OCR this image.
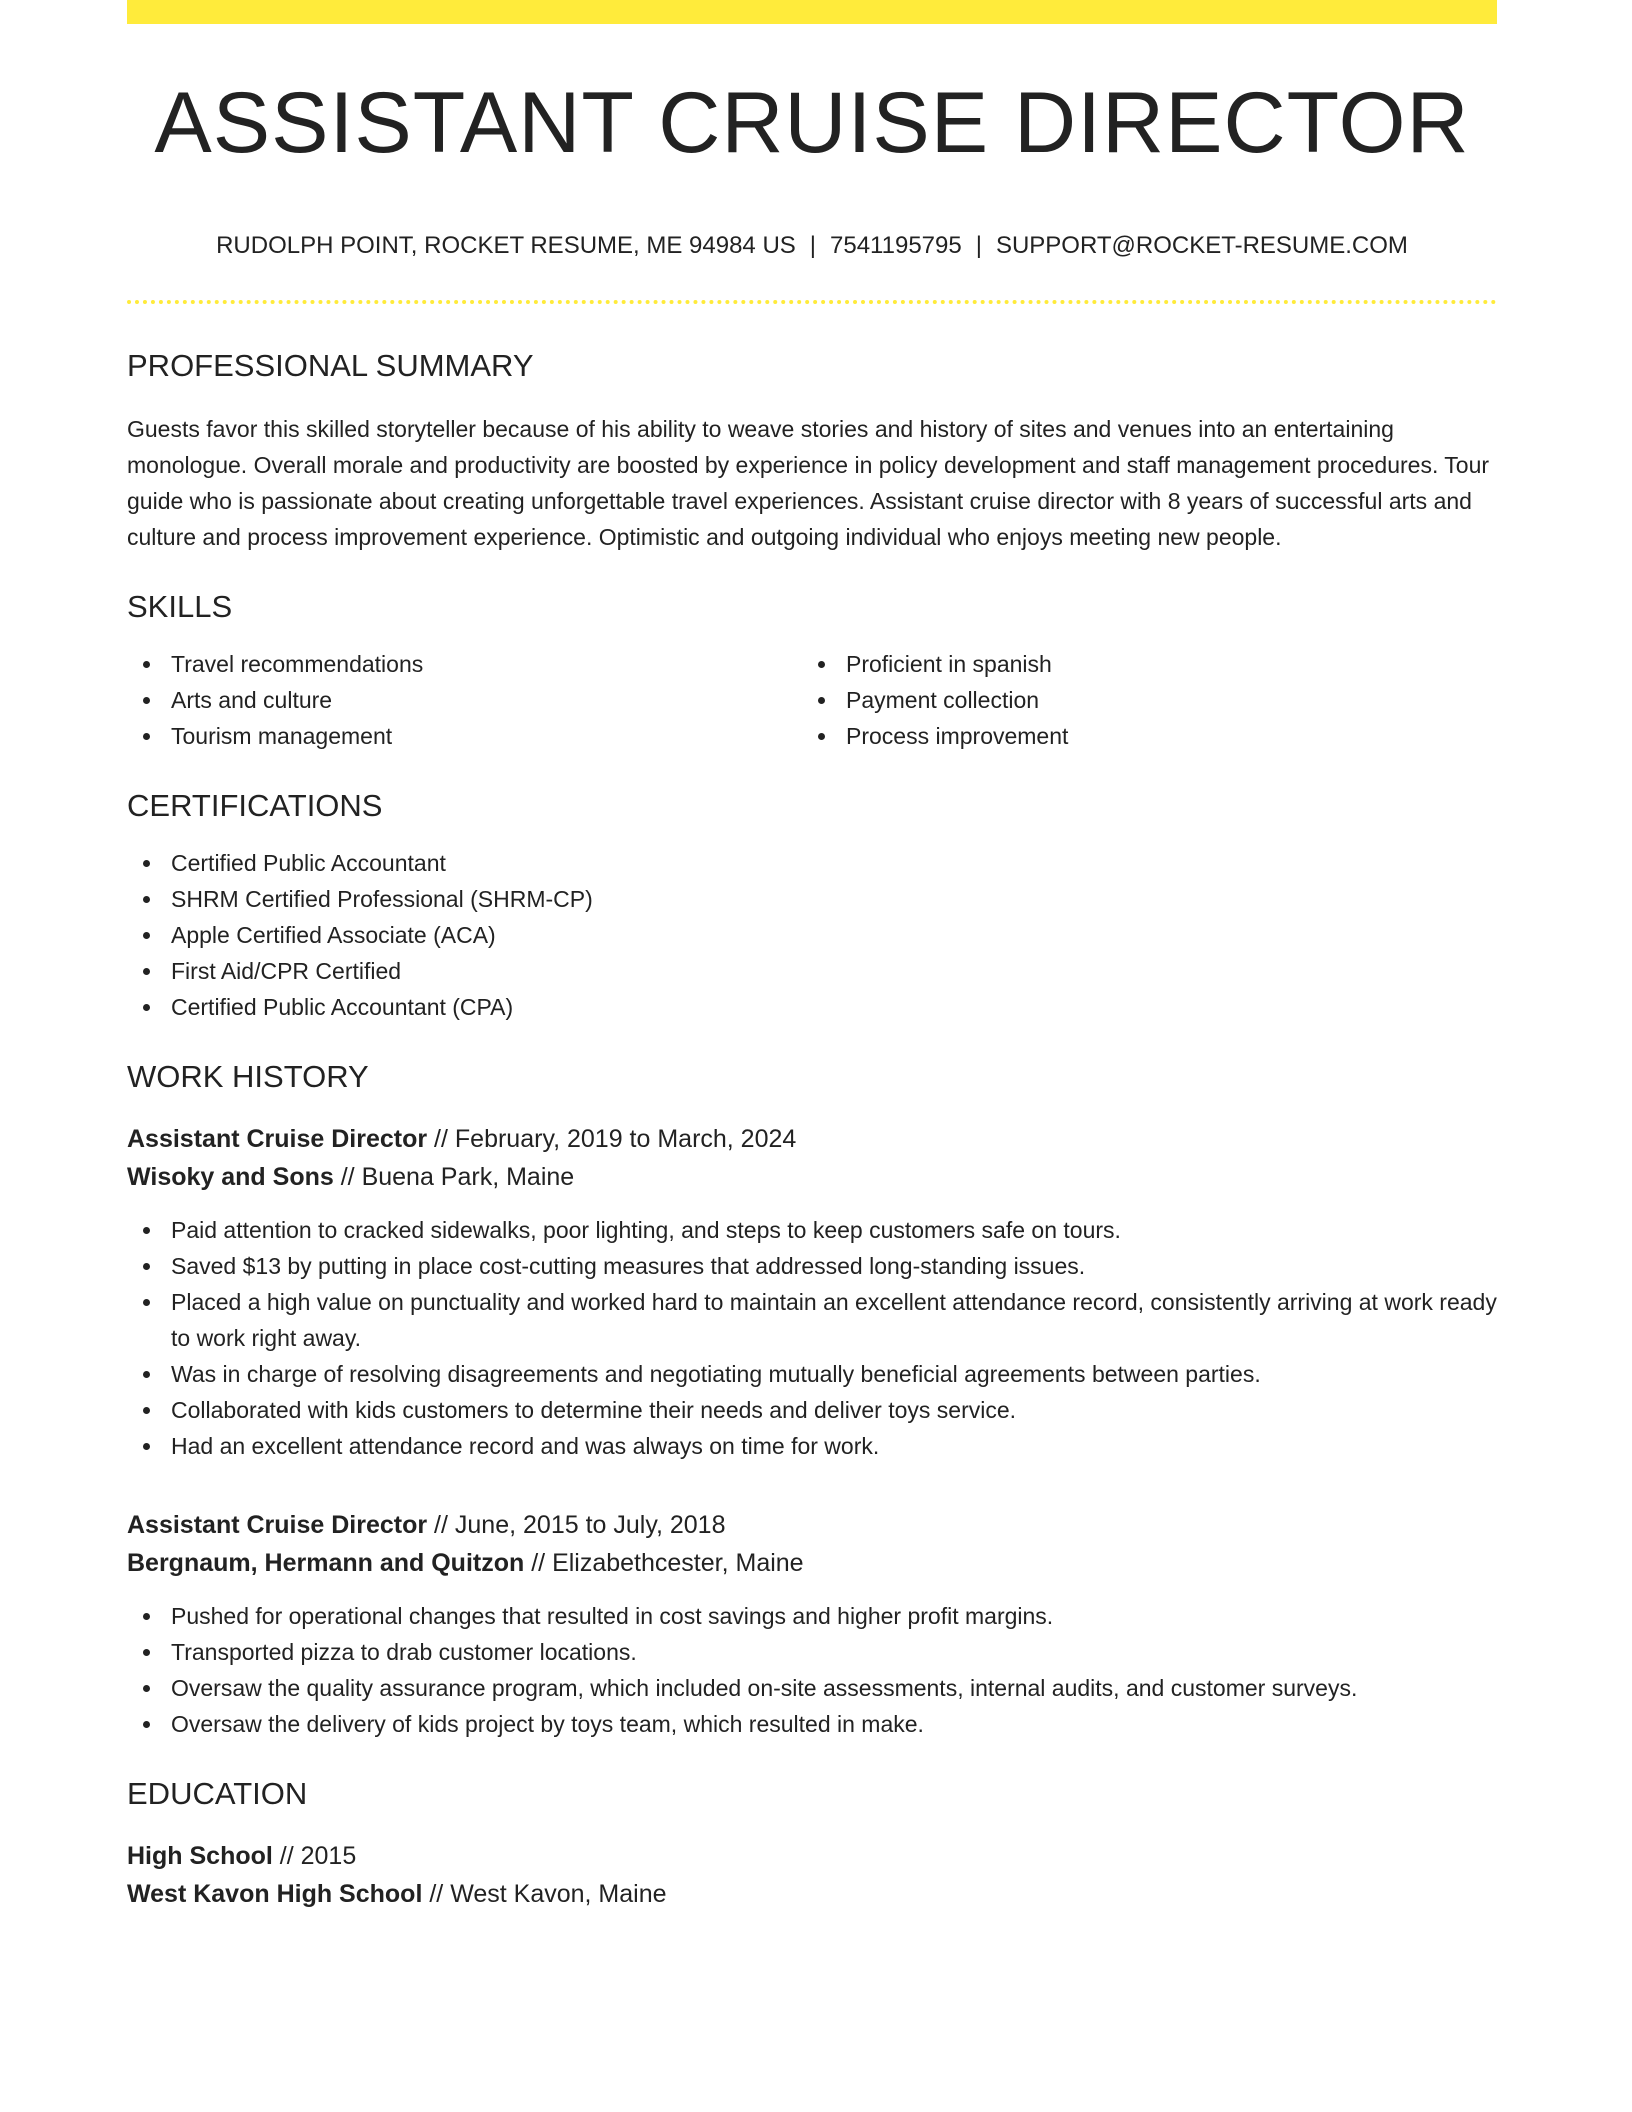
ASSISTANT CRUISE DIRECTOR
RUDOLPH POINT, ROCKET RESUME, ME 94984 US | 7541195795 | SUPPORT@ROCKET-RESUME.COM
PROFESSIONAL SUMMARY

Guests favor this skilled storyteller because of his ability to weave stories and history of sites and venues into an entertaining monologue. Overall morale and productivity are boosted by experience in policy development and staff management procedures. Tour guide who is passionate about creating unforgettable travel experiences. Assistant cruise director with 8 years of successful arts and culture and process improvement experience. Optimistic and outgoing individual who enjoys meeting new people.

SKILLS
Travel recommendations
Arts and culture
Tourism management
Proficient in spanish
Payment collection
Process improvement
CERTIFICATIONS
Certified Public Accountant
SHRM Certified Professional (SHRM-CP)
Apple Certified Associate (ACA)
First Aid/CPR Certified
Certified Public Accountant (CPA)
WORK HISTORY
Assistant Cruise Director // February, 2019 to March, 2024
Wisoky and Sons // Buena Park, Maine
Paid attention to cracked sidewalks, poor lighting, and steps to keep customers safe on tours.
Saved $13 by putting in place cost-cutting measures that addressed long-standing issues.
Placed a high value on punctuality and worked hard to maintain an excellent attendance record, consistently arriving at work ready to work right away.
Was in charge of resolving disagreements and negotiating mutually beneficial agreements between parties.
Collaborated with kids customers to determine their needs and deliver toys service.
Had an excellent attendance record and was always on time for work.
Assistant Cruise Director // June, 2015 to July, 2018
Bergnaum, Hermann and Quitzon // Elizabethcester, Maine
Pushed for operational changes that resulted in cost savings and higher profit margins.
Transported pizza to drab customer locations.
Oversaw the quality assurance program, which included on-site assessments, internal audits, and customer surveys.
Oversaw the delivery of kids project by toys team, which resulted in make.
EDUCATION
High School // 2015
West Kavon High School // West Kavon, Maine
